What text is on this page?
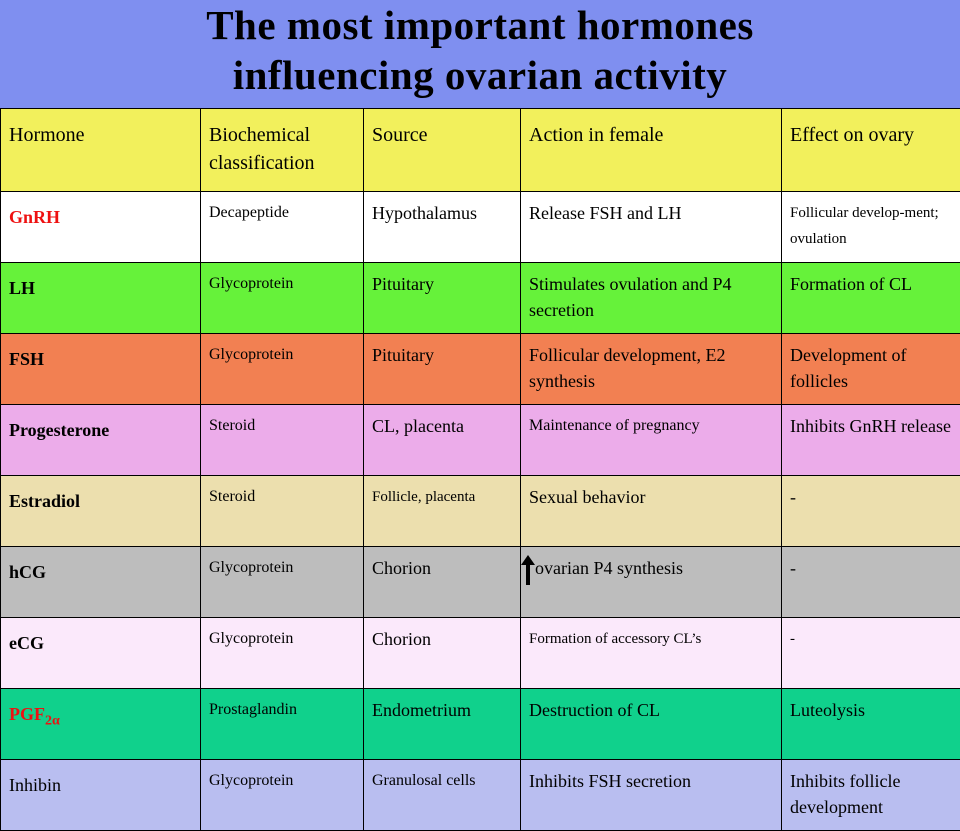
The most important hormones
influencing ovarian activity
Hormone	Biochemical classification	Source	Action in female	Effect on ovary
GnRH	Decapeptide	Hypothalamus	Release FSH and LH	Follicular develop-ment; ovulation
LH	Glycoprotein	Pituitary	Stimulates ovulation and P4 secretion	Formation of CL
FSH	Glycoprotein	Pituitary	Follicular development, E2 synthesis	Development of follicles
Progesterone	Steroid	CL, placenta	Maintenance of pregnancy	Inhibits GnRH release
Estradiol	Steroid	Follicle, placenta	Sexual behavior	-
hCG	Glycoprotein	Chorion	ovarian P4 synthesis	-
eCG	Glycoprotein	Chorion	Formation of accessory CL’s	-
$PGF_{2\alpha}$	Prostaglandin	Endometrium	Destruction of CL	Luteolysis
Inhibin	Glycoprotein	Granulosal cells	Inhibits FSH secretion	Inhibits follicle development
